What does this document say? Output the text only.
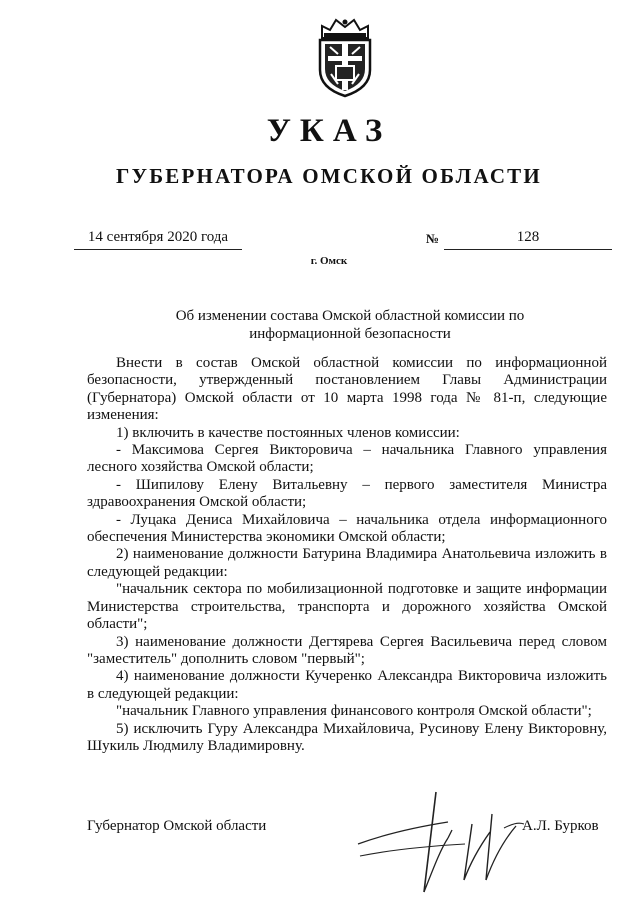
УКАЗ
ГУБЕРНАТОРА ОМСКОЙ ОБЛАСТИ
14 сентября 2020 года	№	128
г. Омск
Об изменении состава Омской областной комиссии по
информационной безопасности

Внести в состав Омской областной комиссии по информационной безопасности, утвержденный постановлением Главы Администрации (Губернатора) Омской области от 10 марта 1998 года № 81-п, следующие изменения:

1) включить в качестве постоянных членов комиссии:

- Максимова Сергея Викторовича – начальника Главного управления лесного хозяйства Омской области;

- Шипилову Елену Витальевну – первого заместителя Министра здравоохранения Омской области;

- Луцака Дениса Михайловича – начальника отдела информационного обеспечения Министерства экономики Омской области;

2) наименование должности Батурина Владимира Анатольевича изложить в следующей редакции:

"начальник сектора по мобилизационной подготовке и защите информации Министерства строительства, транспорта и дорожного хозяйства Омской области";

3) наименование должности Дегтярева Сергея Васильевича перед словом "заместитель" дополнить словом "первый";

4) наименование должности Кучеренко Александра Викторовича изложить в следующей редакции:

"начальник Главного управления финансового контроля Омской области";

5) исключить Гуру Александра Михайловича, Русинову Елену Викторовну, Шукиль Людмилу Владимировну.

Губернатор Омской области	А.Л. Бурков
